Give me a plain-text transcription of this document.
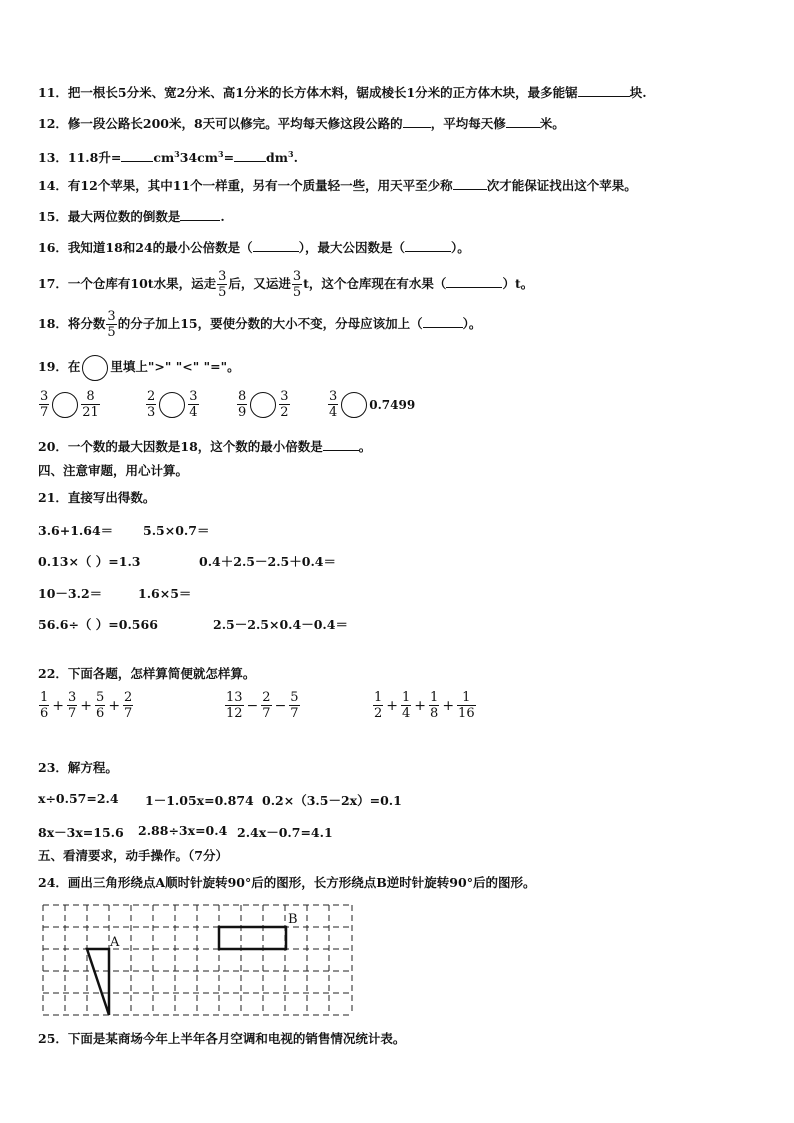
11．把一根长5分米、宽2分米、高1分米的长方体木料，锯成棱长1分米的正方体木块，最多能锯	块.
12．修一段公路长200米，8天可以修完。平均每天修这段公路的 ，平均每天修	米。
13．11.8升=	$cm^334cm^3=$	$dm^3$.
14．有12个苹果，其中11个一样重，另有一个质量轻一些，用天平至少称	次才能保证找出这个苹果。
15．最大两位数的倒数是	.
16．我知道18和24的最小公倍数是（	），最大公因数是（	）。
17．一个仓库有10t水果，运走 $\frac{3}{5}$ 后，又运进 $\frac{3}{5}$ t，这个仓库现在有水果（	）t。
18．将分数 $\frac{3}{5}$ 的分子加上15，要使分数的大小不变，分母应该加上（	）。
19．在 里填上">" "<" "="。
$\frac{3}{7} \frac{8}{21}$	$\frac{2}{3} \frac{3}{4}$	$\frac{8}{9} \frac{3}{2}$	$\frac{3}{4}$	0.7499
20．一个数的最大因数是18，这个数的最小倍数是	。
四、注意审题，用心计算。
21．直接写出得数。
3.6+1.64＝ 5.5×0.7＝
0.13×（ ）=1.3	0.4＋2.5－2.5＋0.4＝
10－3.2＝	1.6×5＝
56.6÷（ ）=0.566	2.5－2.5×0.4－0.4＝
22．下面各题，怎样算简便就怎样算。
$\frac{1}{6} + \frac{3}{7} + \frac{5}{6} + \frac{2}{7}$	$\frac{13}{12} - \frac{2}{7} - \frac{5}{7}$	$\frac{1}{2} + \frac{1}{4} + \frac{1}{8} + \frac{1}{16}$
23．解方程。
x÷0.57=2.4 1－1.05x=0.874 0.2×（3.5－2x）=0.1
8x－3x=15.6 2.88÷3x=0.4 2.4x－0.7=4.1
五、看清要求，动手操作。（7分）
24．画出三角形绕点A顺时针旋转90°后的图形，长方形绕点B逆时针旋转90°后的图形。
A
B
25．下面是某商场今年上半年各月空调和电视的销售情况统计表。
